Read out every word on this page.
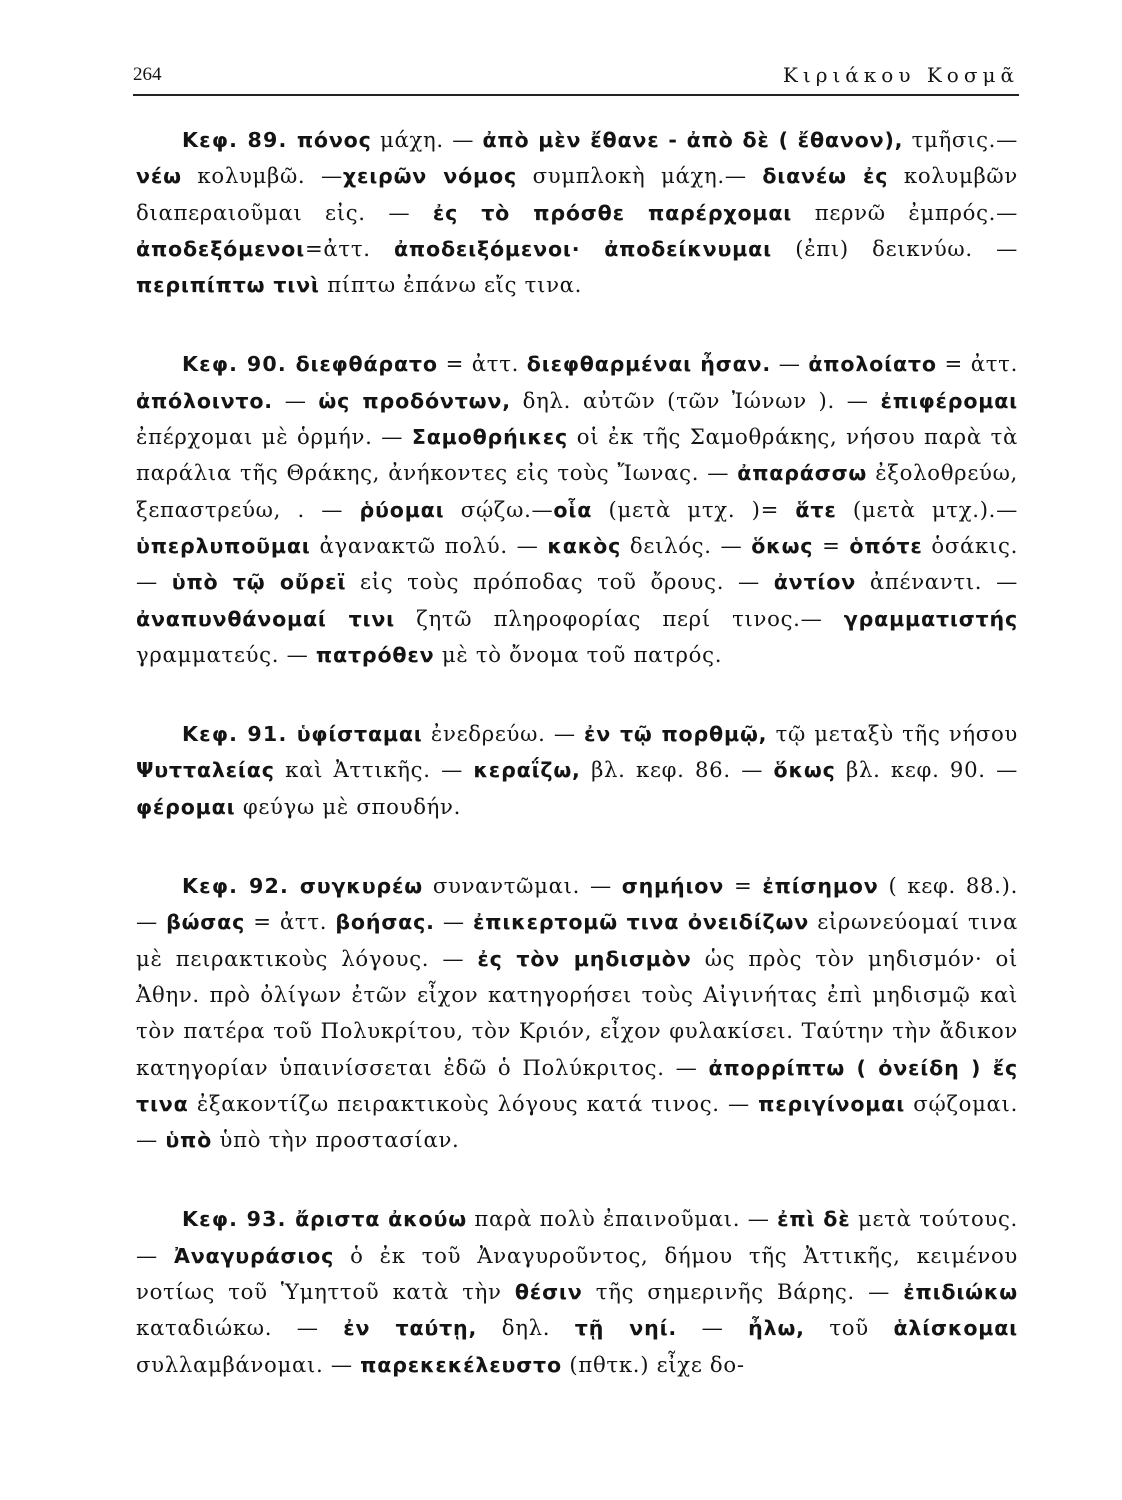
264	Κιριάκου Κοσμᾶ

Κεφ. 89. πόνος μάχη. — ἀπὸ μὲν ἔθανε - ἀπὸ δὲ ( ἔθανον), τμῆσις.—νέω κολυμβῶ. —χειρῶν νόμος συμπλοκὴ μάχη.— διανέω ἐς κολυμβῶν διαπεραιοῦμαι εἰς. — ἐς τὸ πρόσθε παρέρχομαι περνῶ ἐμπρός.— ἀποδεξόμενοι=ἀττ. ἀποδειξόμενοι· ἀποδείκνυμαι (ἐπι) δεικνύω. — περιπίπτω τινὶ πίπτω ἐπάνω εἴς τινα.

Κεφ. 90. διεφθάρατο = ἀττ. διεφθαρμέναι ἦσαν. — ἀπολοίατο = ἀττ. ἀπόλοιντο. — ὡς προδόντων, δηλ. αὐτῶν (τῶν Ἰώνων ). — ἐπιφέρομαι ἐπέρχομαι μὲ ὁρμήν. — Σαμοθρήικες οἱ ἐκ τῆς Σαμοθράκης, νήσου παρὰ τὰ παράλια τῆς Θράκης, ἀνήκοντες εἰς τοὺς Ἴωνας. — ἀπαράσσω ἐξολοθρεύω, ξεπαστρεύω, . — ῥύομαι σῴζω.—οἷα (μετὰ μτχ. )= ἅτε (μετὰ μτχ.).—ὑπερλυποῦμαι ἀγανακτῶ πολύ. — κακὸς δειλός. — ὅκως = ὁπότε ὁσάκις. — ὑπὸ τῷ οὔρεϊ εἰς τοὺς πρόποδας τοῦ ὄρους. — ἀντίον ἀπέναντι. — ἀναπυνθάνομαί τινι ζητῶ πληροφορίας περί τινος.— γραμματιστής γραμματεύς. — πατρόθεν μὲ τὸ ὄνομα τοῦ πατρός.

Κεφ. 91. ὑφίσταμαι ἐνεδρεύω. — ἐν τῷ πορθμῷ, τῷ μεταξὺ τῆς νήσου Ψυτταλείας καὶ Ἀττικῆς. — κεραΐζω, βλ. κεφ. 86. — ὅκως βλ. κεφ. 90. — φέρομαι φεύγω μὲ σπουδήν.

Κεφ. 92. συγκυρέω συναντῶμαι. — σημήιον = ἐπίσημον ( κεφ. 88.). — βώσας = ἀττ. βοήσας. — ἐπικερτομῶ τινα ὀνειδίζων εἰρωνεύομαί τινα μὲ πειρακτικοὺς λόγους. — ἐς τὸν μηδισμὸν ὡς πρὸς τὸν μηδισμόν· οἱ Ἀθην. πρὸ ὀλίγων ἐτῶν εἶχον κατηγορήσει τοὺς Αἰγινήτας ἐπὶ μηδισμῷ καὶ τὸν πατέρα τοῦ Πολυκρίτου, τὸν Κριόν, εἶχον φυλακίσει. Ταύτην τὴν ἄδικον κατηγορίαν ὑπαινίσσεται ἐδῶ ὁ Πολύκριτος. — ἀπορρίπτω ( ὀνείδη ) ἔς τινα ἐξακοντίζω πειρακτικοὺς λόγους κατά τινος. — περιγίνομαι σῴζομαι. — ὑπὸ ὑπὸ τὴν προστασίαν.

Κεφ. 93. ἄριστα ἀκούω παρὰ πολὺ ἐπαινοῦμαι. — ἐπὶ δὲ μετὰ τούτους. — Ἀναγυράσιος ὁ ἐκ τοῦ Ἀναγυροῦντος, δήμου τῆς Ἀττικῆς, κειμένου νοτίως τοῦ Ὑμηττοῦ κατὰ τὴν θέσιν τῆς σημερινῆς Βάρης. — ἐπιδιώκω καταδιώκω. — ἐν ταύτῃ, δηλ. τῇ νηί. — ἦλω, τοῦ ἁλίσκομαι συλλαμβάνομαι. — παρεκεκέλευστο (πθτκ.) εἶχε δο-
